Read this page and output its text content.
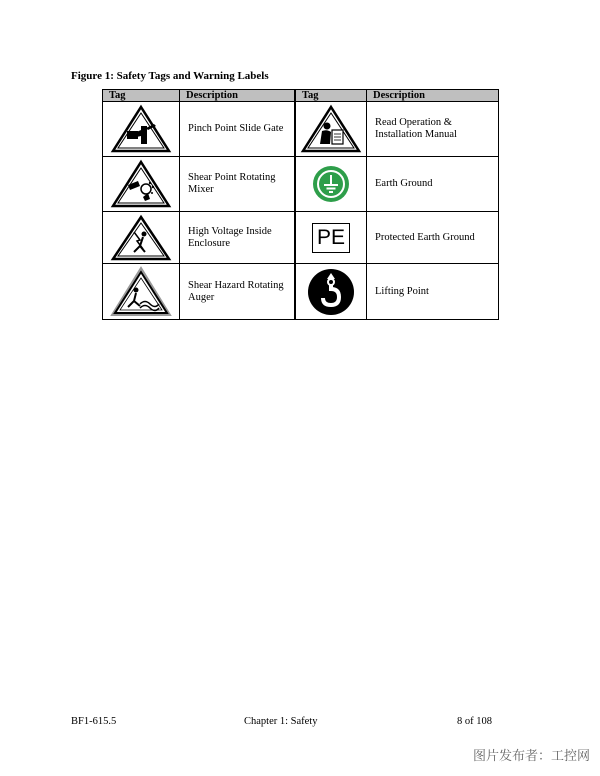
Figure 1: Safety Tags and Warning Labels
Tag	Description	Tag	Description

Pinch Point Slide Gate		Read Operation & Installation Manual

Shear Point Rotating Mixer		Earth Ground

High Voltage Inside Enclosure	PE	Protected Earth Ground

Shear Hazard Rotating Auger		Lifting Point
BF1-615.5	Chapter 1: Safety	8 of 108
图片发布者：工控网
